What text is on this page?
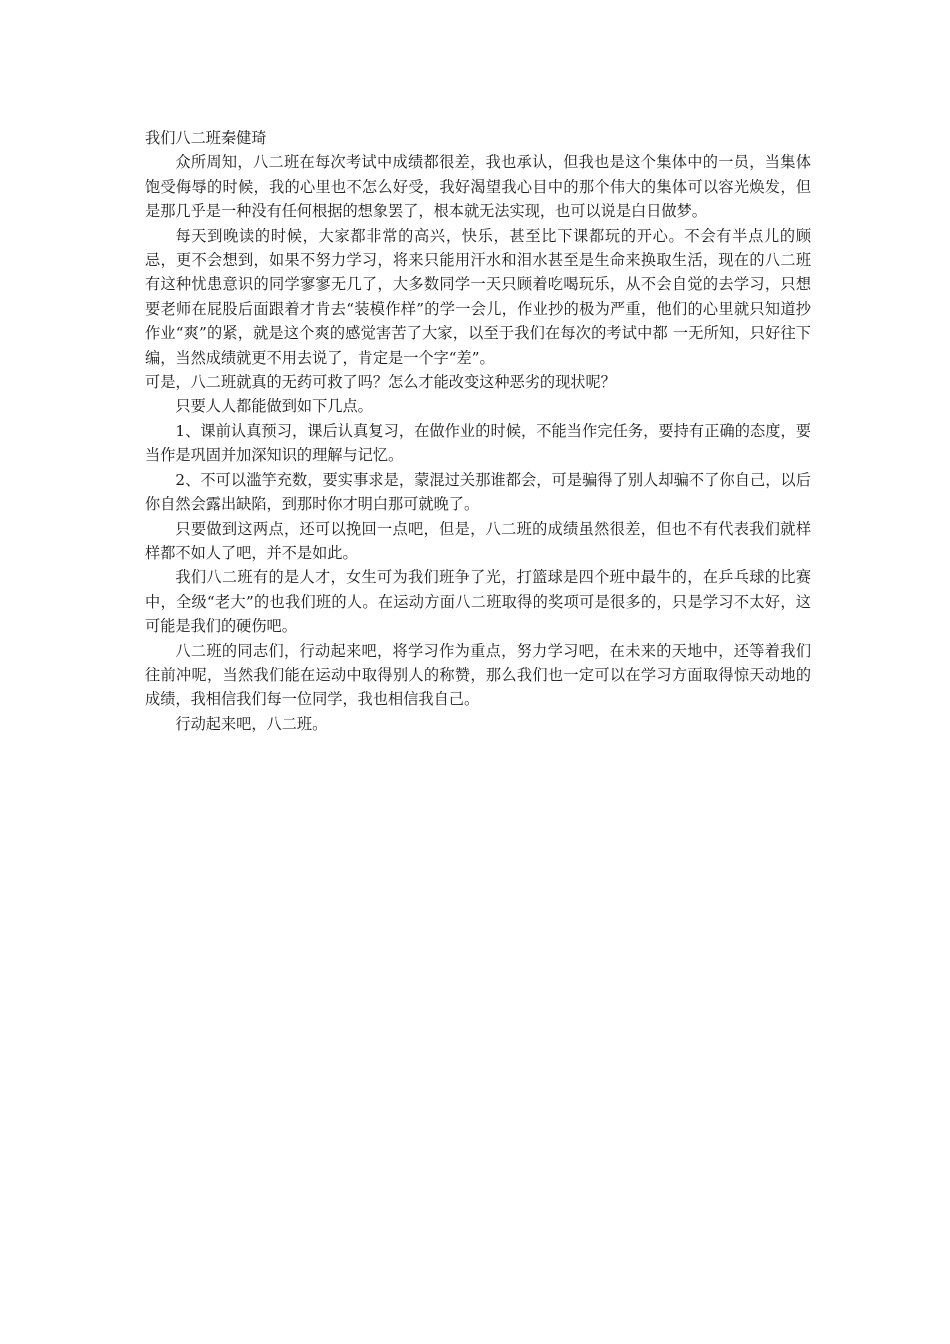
我们八二班秦健琦

众所周知，八二班在每次考试中成绩都很差，我也承认，但我也是这个集体中的一员，当集体饱受侮辱的时候，我的心里也不怎么好受，我好渴望我心目中的那个伟大的集体可以容光焕发，但是那几乎是一种没有任何根据的想象罢了，根本就无法实现，也可以说是白日做梦。

每天到晚读的时候，大家都非常的高兴，快乐，甚至比下课都玩的开心。不会有半点儿的顾忌，更不会想到，如果不努力学习，将来只能用汗水和泪水甚至是生命来换取生活，现在的八二班有这种忧患意识的同学寥寥无几了，大多数同学一天只顾着吃喝玩乐，从不会自觉的去学习，只想要老师在屁股后面跟着才肯去“装模作样”的学一会儿，作业抄的极为严重，他们的心里就只知道抄作业“爽”的紧，就是这个爽的感觉害苦了大家，以至于我们在每次的考试中都 一无所知，只好往下编，当然成绩就更不用去说了，肯定是一个字“差”。

可是，八二班就真的无药可救了吗？怎么才能改变这种恶劣的现状呢？

只要人人都能做到如下几点。

1、课前认真预习，课后认真复习，在做作业的时候，不能当作完任务，要持有正确的态度，要当作是巩固并加深知识的理解与记忆。

2、不可以滥竽充数，要实事求是，蒙混过关那谁都会，可是骗得了别人却骗不了你自己，以后你自然会露出缺陷，到那时你才明白那可就晚了。

只要做到这两点，还可以挽回一点吧，但是，八二班的成绩虽然很差，但也不有代表我们就样样都不如人了吧，并不是如此。

我们八二班有的是人才，女生可为我们班争了光，打篮球是四个班中最牛的，在乒乓球的比赛中，全级“老大”的也我们班的人。在运动方面八二班取得的奖项可是很多的，只是学习不太好，这可能是我们的硬伤吧。

八二班的同志们，行动起来吧，将学习作为重点，努力学习吧，在未来的天地中，还等着我们往前冲呢，当然我们能在运动中取得别人的称赞，那么我们也一定可以在学习方面取得惊天动地的成绩，我相信我们每一位同学，我也相信我自己。

行动起来吧，八二班。
